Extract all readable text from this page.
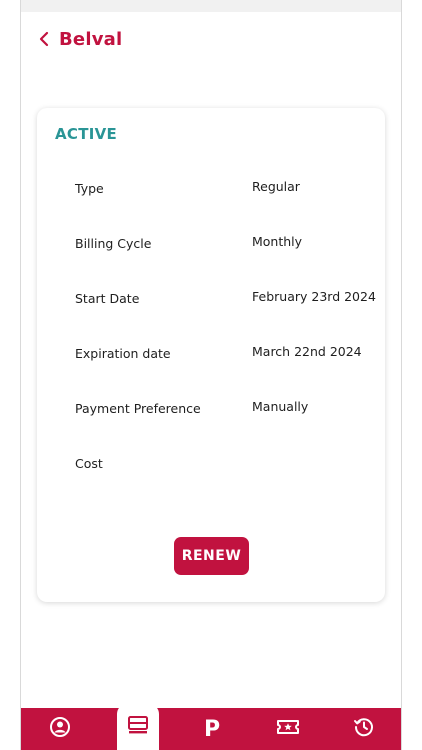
Belval
ACTIVE
Type	Regular
Billing Cycle	Monthly
Start Date	February 23rd 2024
Expiration date	March 22nd 2024
Payment Preference	Manually
Cost
RENEW
P
